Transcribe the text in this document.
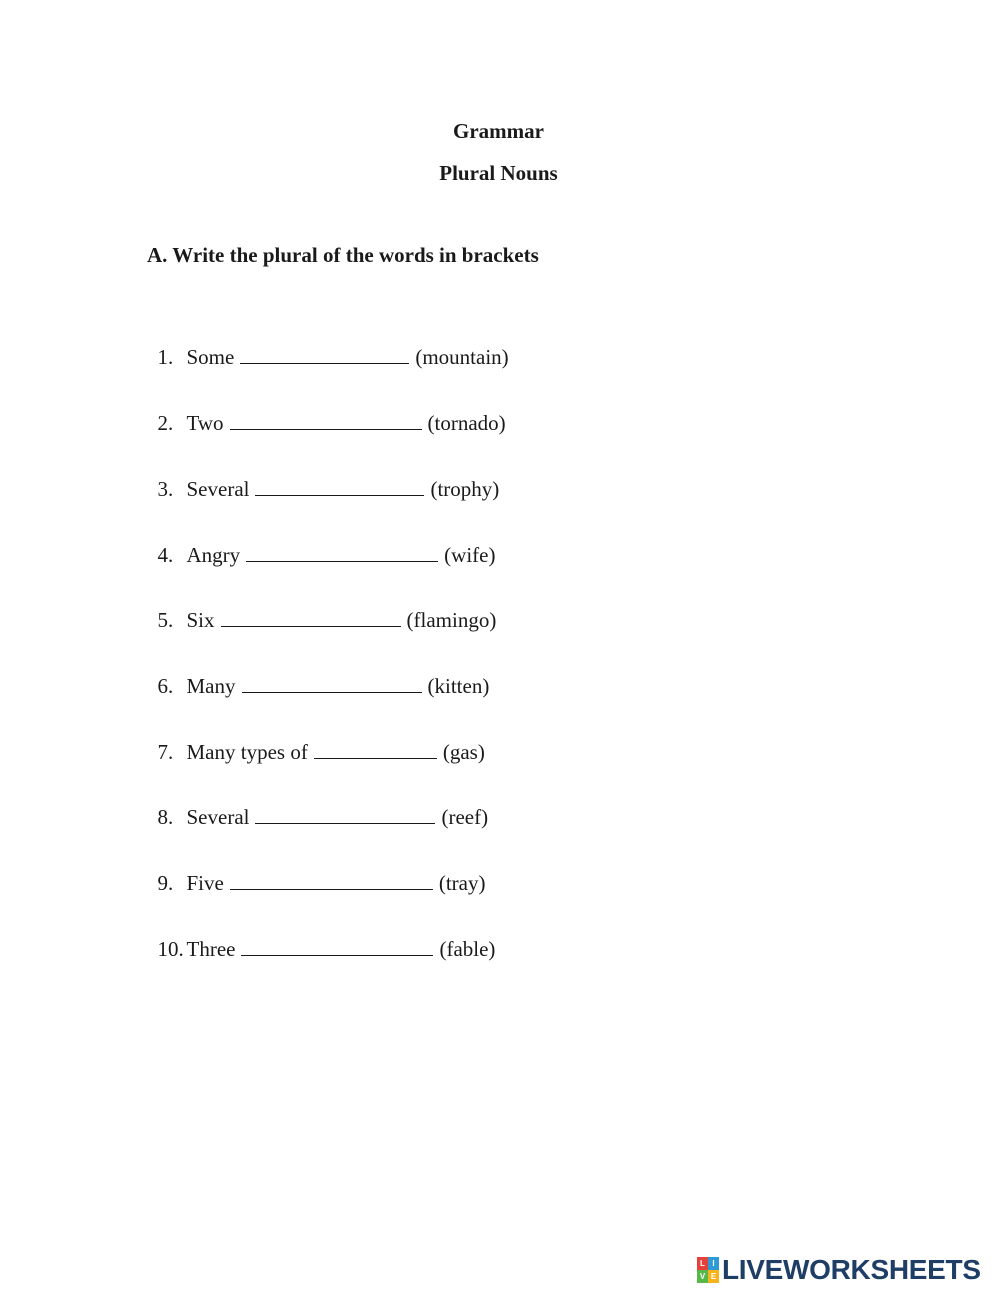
Grammar
Plural Nouns
A. Write the plural of the words in brackets

1. Some	(mountain)

2. Two	(tornado)

3. Several	(trophy)

4. Angry	(wife)

5. Six	(flamingo)

6. Many	(kitten)

7. Many types of	(gas)

8. Several	(reef)

9. Five	(tray)

10. Three	(fable)

L I
V E LIVEWORKSHEETS
